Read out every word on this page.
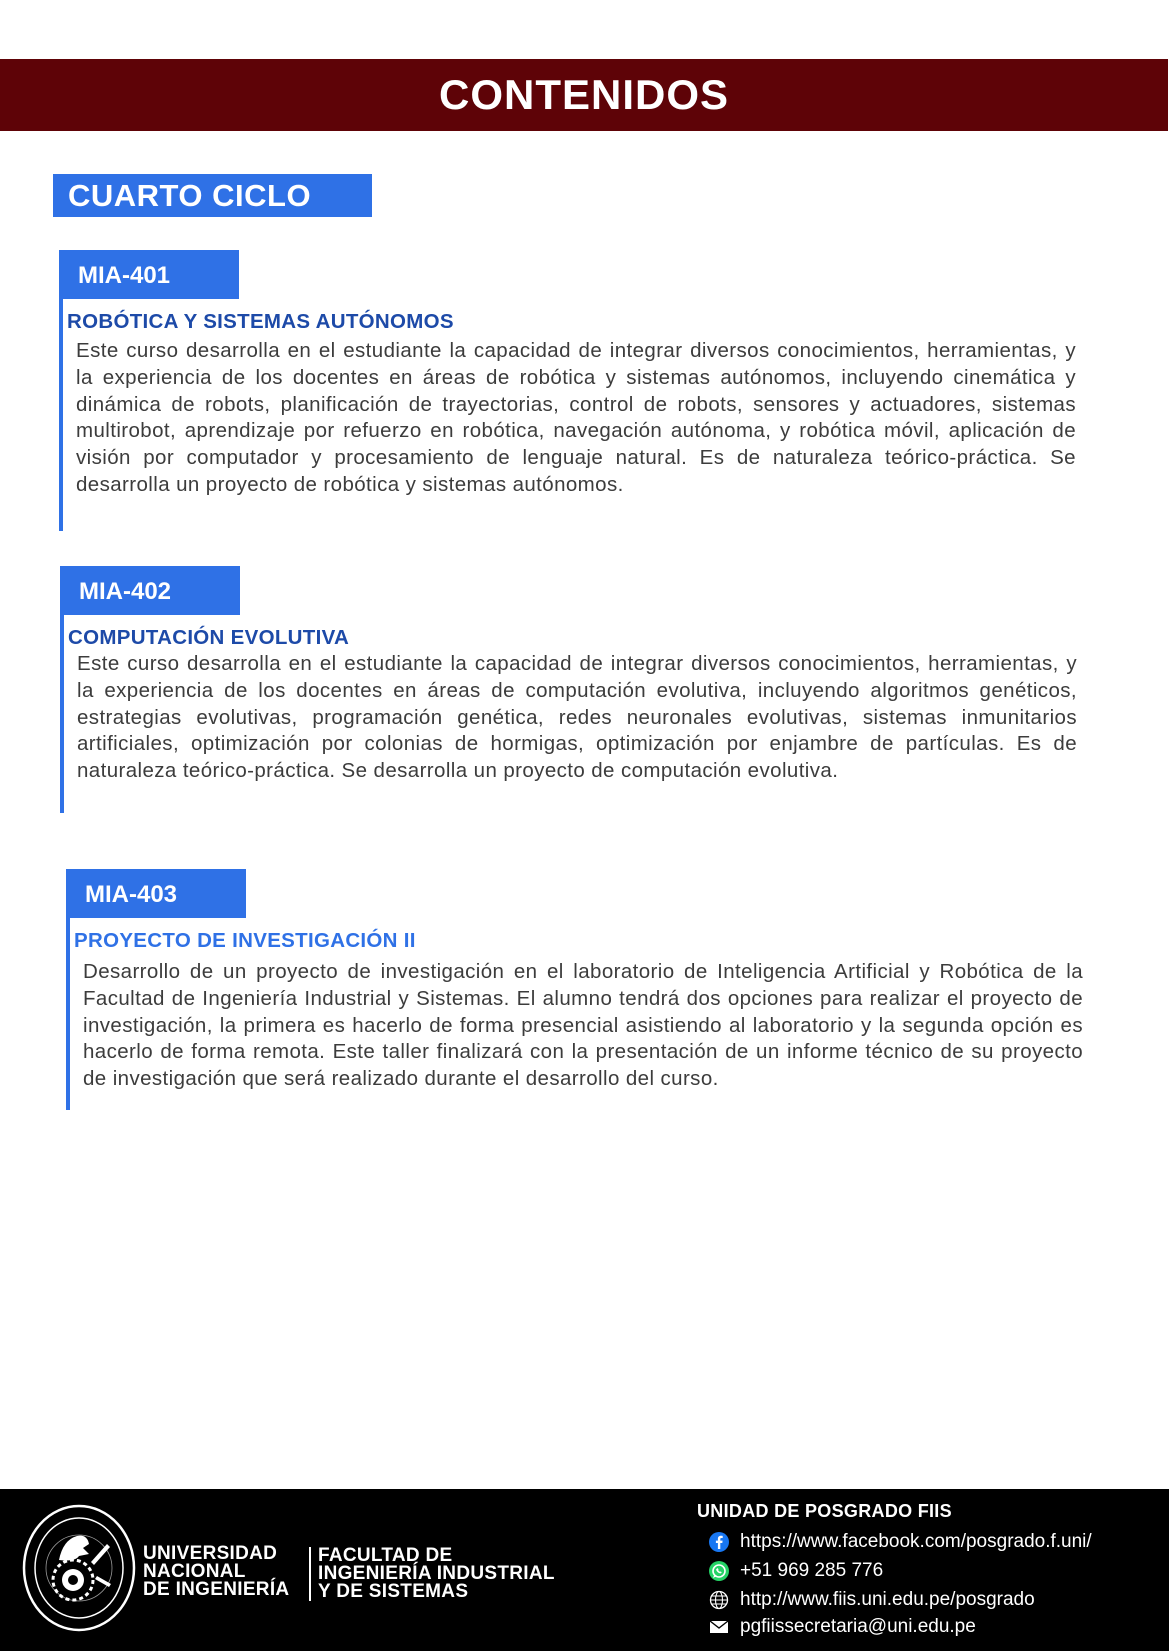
CONTENIDOS
CUARTO CICLO
MIA-401
ROBÓTICA Y SISTEMAS AUTÓNOMOS

Este curso desarrolla en el estudiante la capacidad de integrar diversos conocimientos, herramientas, y la experiencia de los docentes en áreas de robótica y sistemas autónomos, incluyendo cinemática y dinámica de robots, planificación de trayectorias, control de robots, sensores y actuadores, sistemas multirobot, aprendizaje por refuerzo en robótica, navegación autónoma, y robótica móvil, aplicación de visión por computador y procesamiento de lenguaje natural. Es de naturaleza teórico-práctica. Se desarrolla un proyecto de robótica y sistemas autónomos.

MIA-402
COMPUTACIÓN EVOLUTIVA

Este curso desarrolla en el estudiante la capacidad de integrar diversos conocimientos, herramientas, y la experiencia de los docentes en áreas de computación evolutiva, incluyendo algoritmos genéticos, estrategias evolutivas, programación genética, redes neuronales evolutivas, sistemas inmunitarios artificiales, optimización por colonias de hormigas, optimización por enjambre de partículas. Es de naturaleza teórico-práctica. Se desarrolla un proyecto de computación evolutiva.

MIA-403
PROYECTO DE INVESTIGACIÓN II

Desarrollo de un proyecto de investigación en el laboratorio de Inteligencia Artificial y Robótica de la Facultad de Ingeniería Industrial y Sistemas. El alumno tendrá dos opciones para realizar el proyecto de investigación, la primera es hacerlo de forma presencial asistiendo al laboratorio y la segunda opción es hacerlo de forma remota. Este taller finalizará con la presentación de un informe técnico de su proyecto de investigación que será realizado durante el desarrollo del curso.

UNIVERSIDAD
NACIONAL
DE INGENIERÍA
FACULTAD DE
INGENIERÍA INDUSTRIAL
Y DE SISTEMAS
UNIDAD DE POSGRADO FIIS
https://www.facebook.com/posgrado.f.uni/
+51 969 285 776
http://www.fiis.uni.edu.pe/posgrado
pgfiissecretaria@uni.edu.pe
